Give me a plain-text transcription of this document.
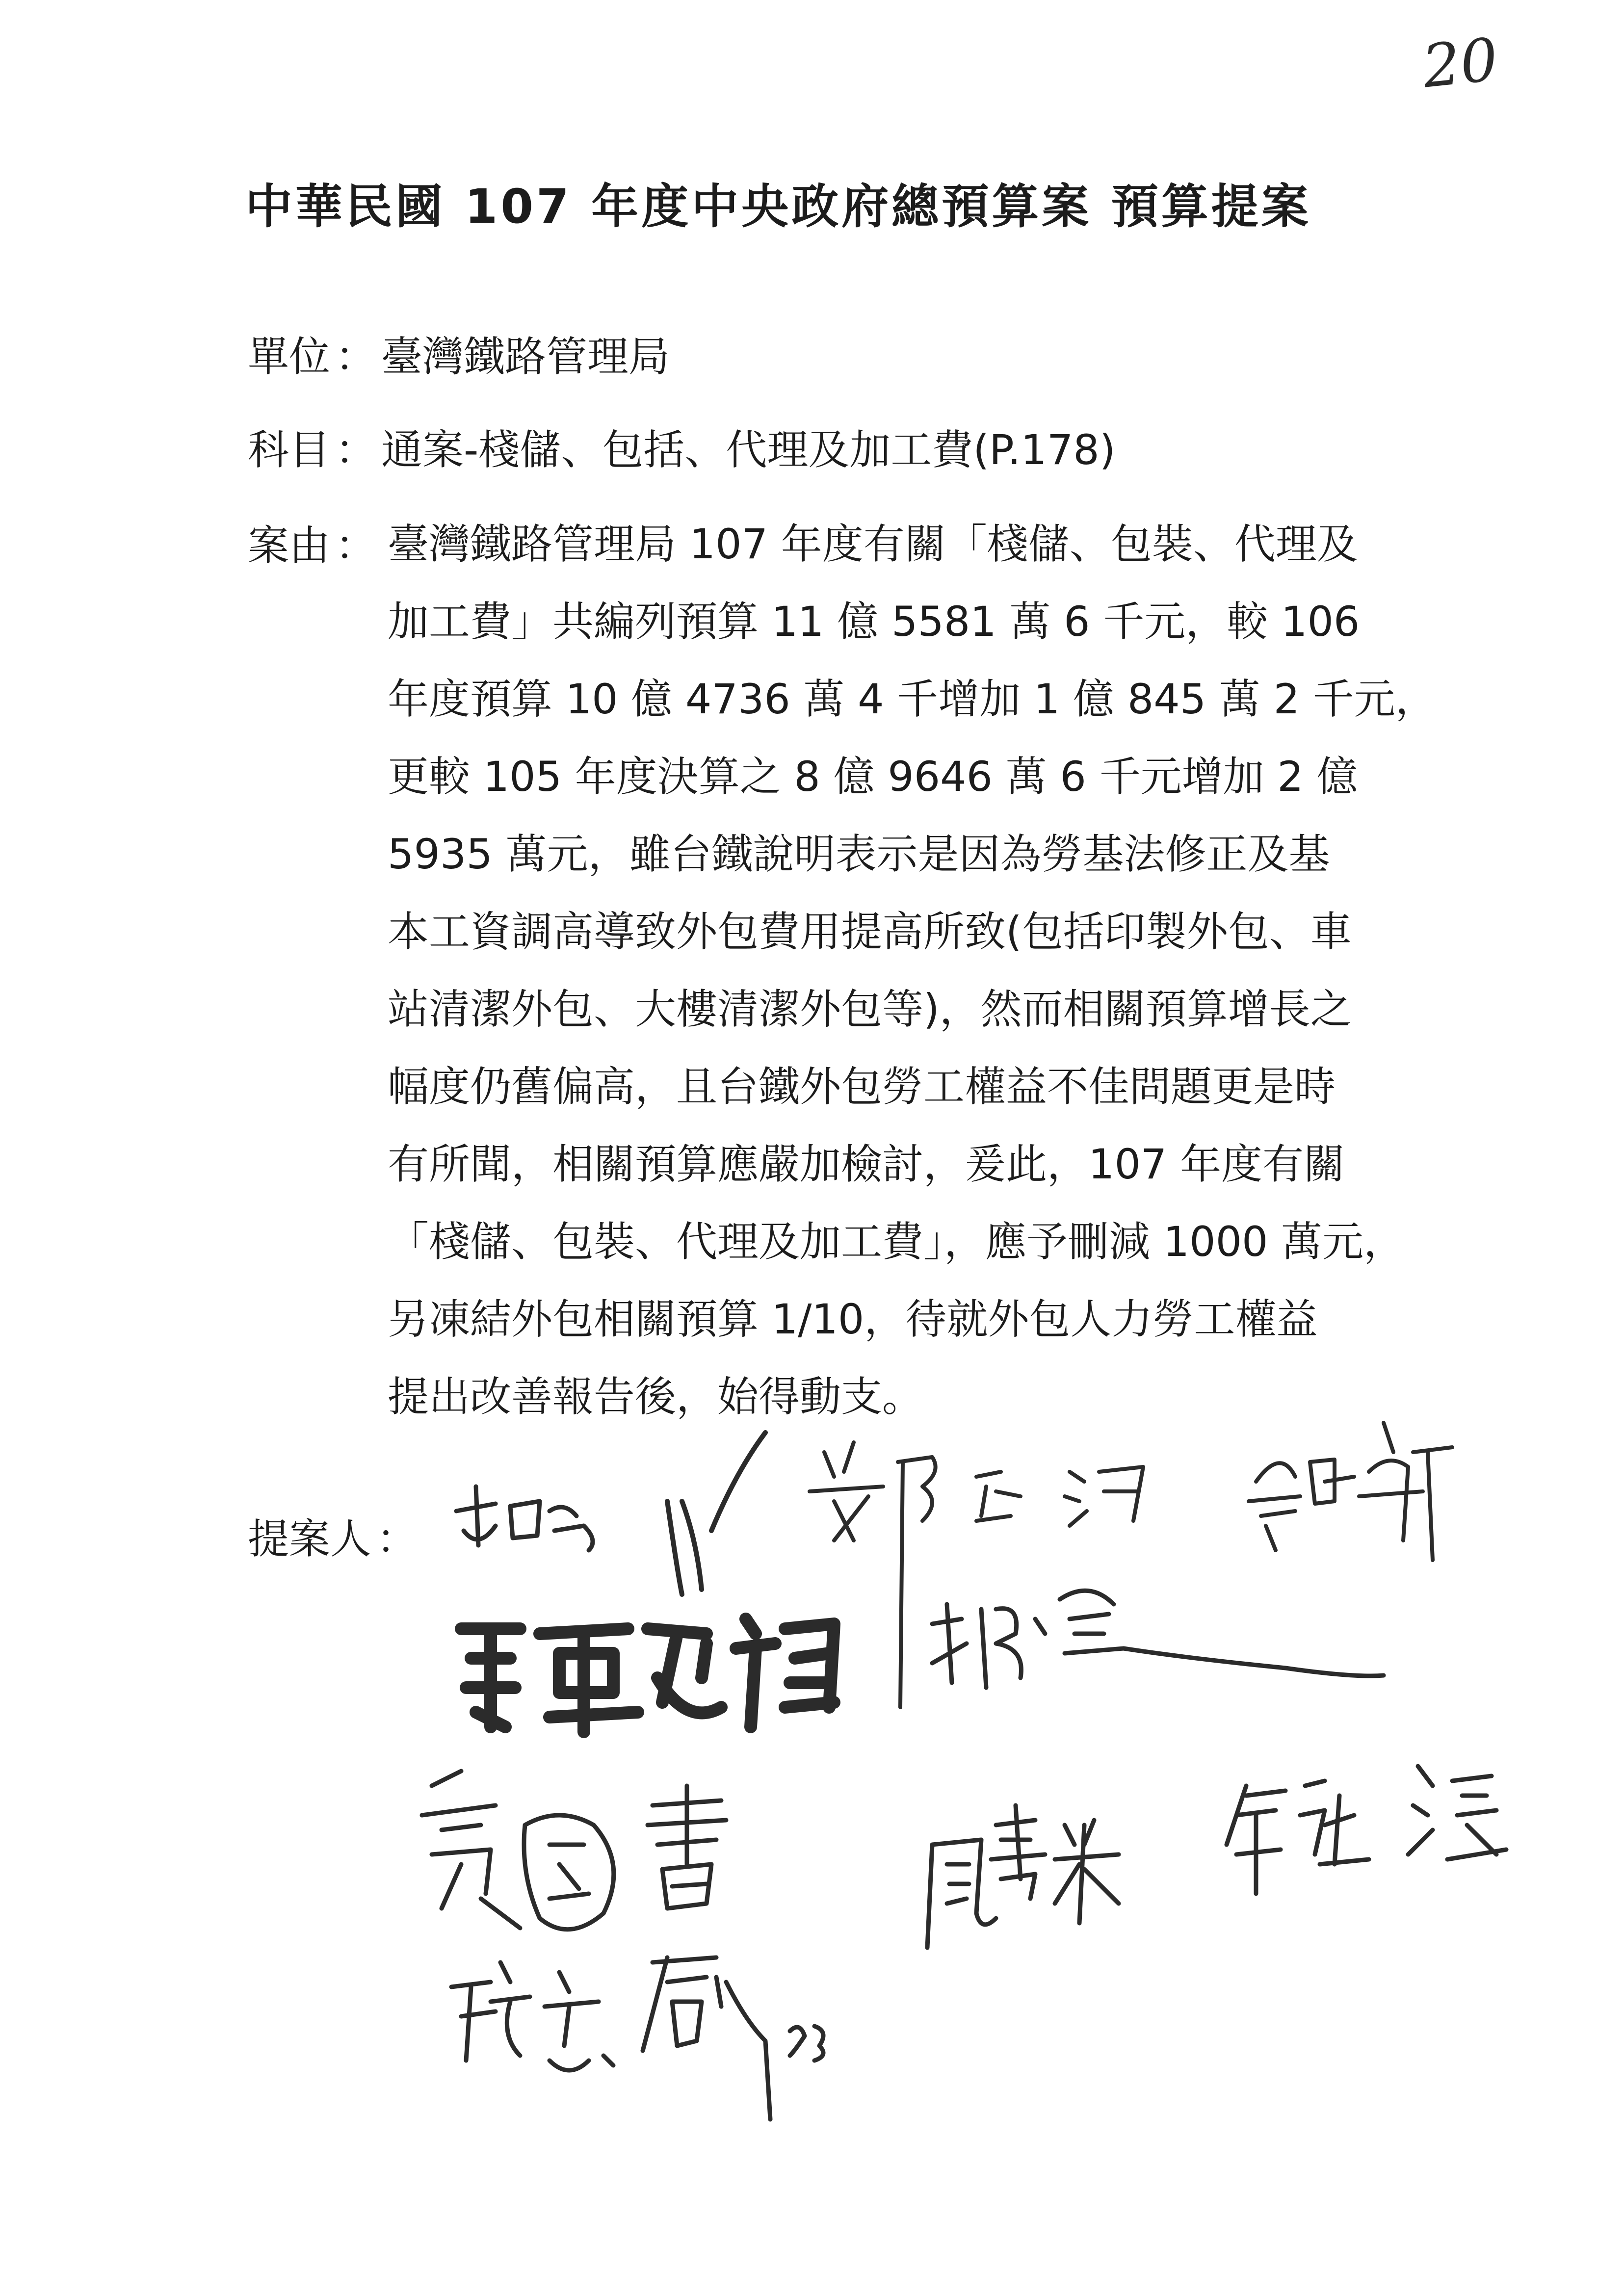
20
中華民國 107 年度中央政府總預算案 預算提案
單位 ： 臺灣鐵路管理局
科目 ： 通案-棧儲、包括、代理及加工費(P.178)
案由 ： 臺灣鐵路管理局 107 年度有關「棧儲、包裝、代理及
加工費」共編列預算 11 億 5581 萬 6 千元，較 106
年度預算 10 億 4736 萬 4 千增加 1 億 845 萬 2 千元，
更較 105 年度決算之 8 億 9646 萬 6 千元增加 2 億
5935 萬元，雖台鐵說明表示是因為勞基法修正及基
本工資調高導致外包費用提高所致(包括印製外包、車
站清潔外包、大樓清潔外包等)，然而相關預算增長之
幅度仍舊偏高，且台鐵外包勞工權益不佳問題更是時
有所聞，相關預算應嚴加檢討，爰此，107 年度有關
「棧儲、包裝、代理及加工費」，應予刪減 1000 萬元，
另凍結外包相關預算 1/10，待就外包人力勞工權益
提出改善報告後，始得動支。
提案人 ：
